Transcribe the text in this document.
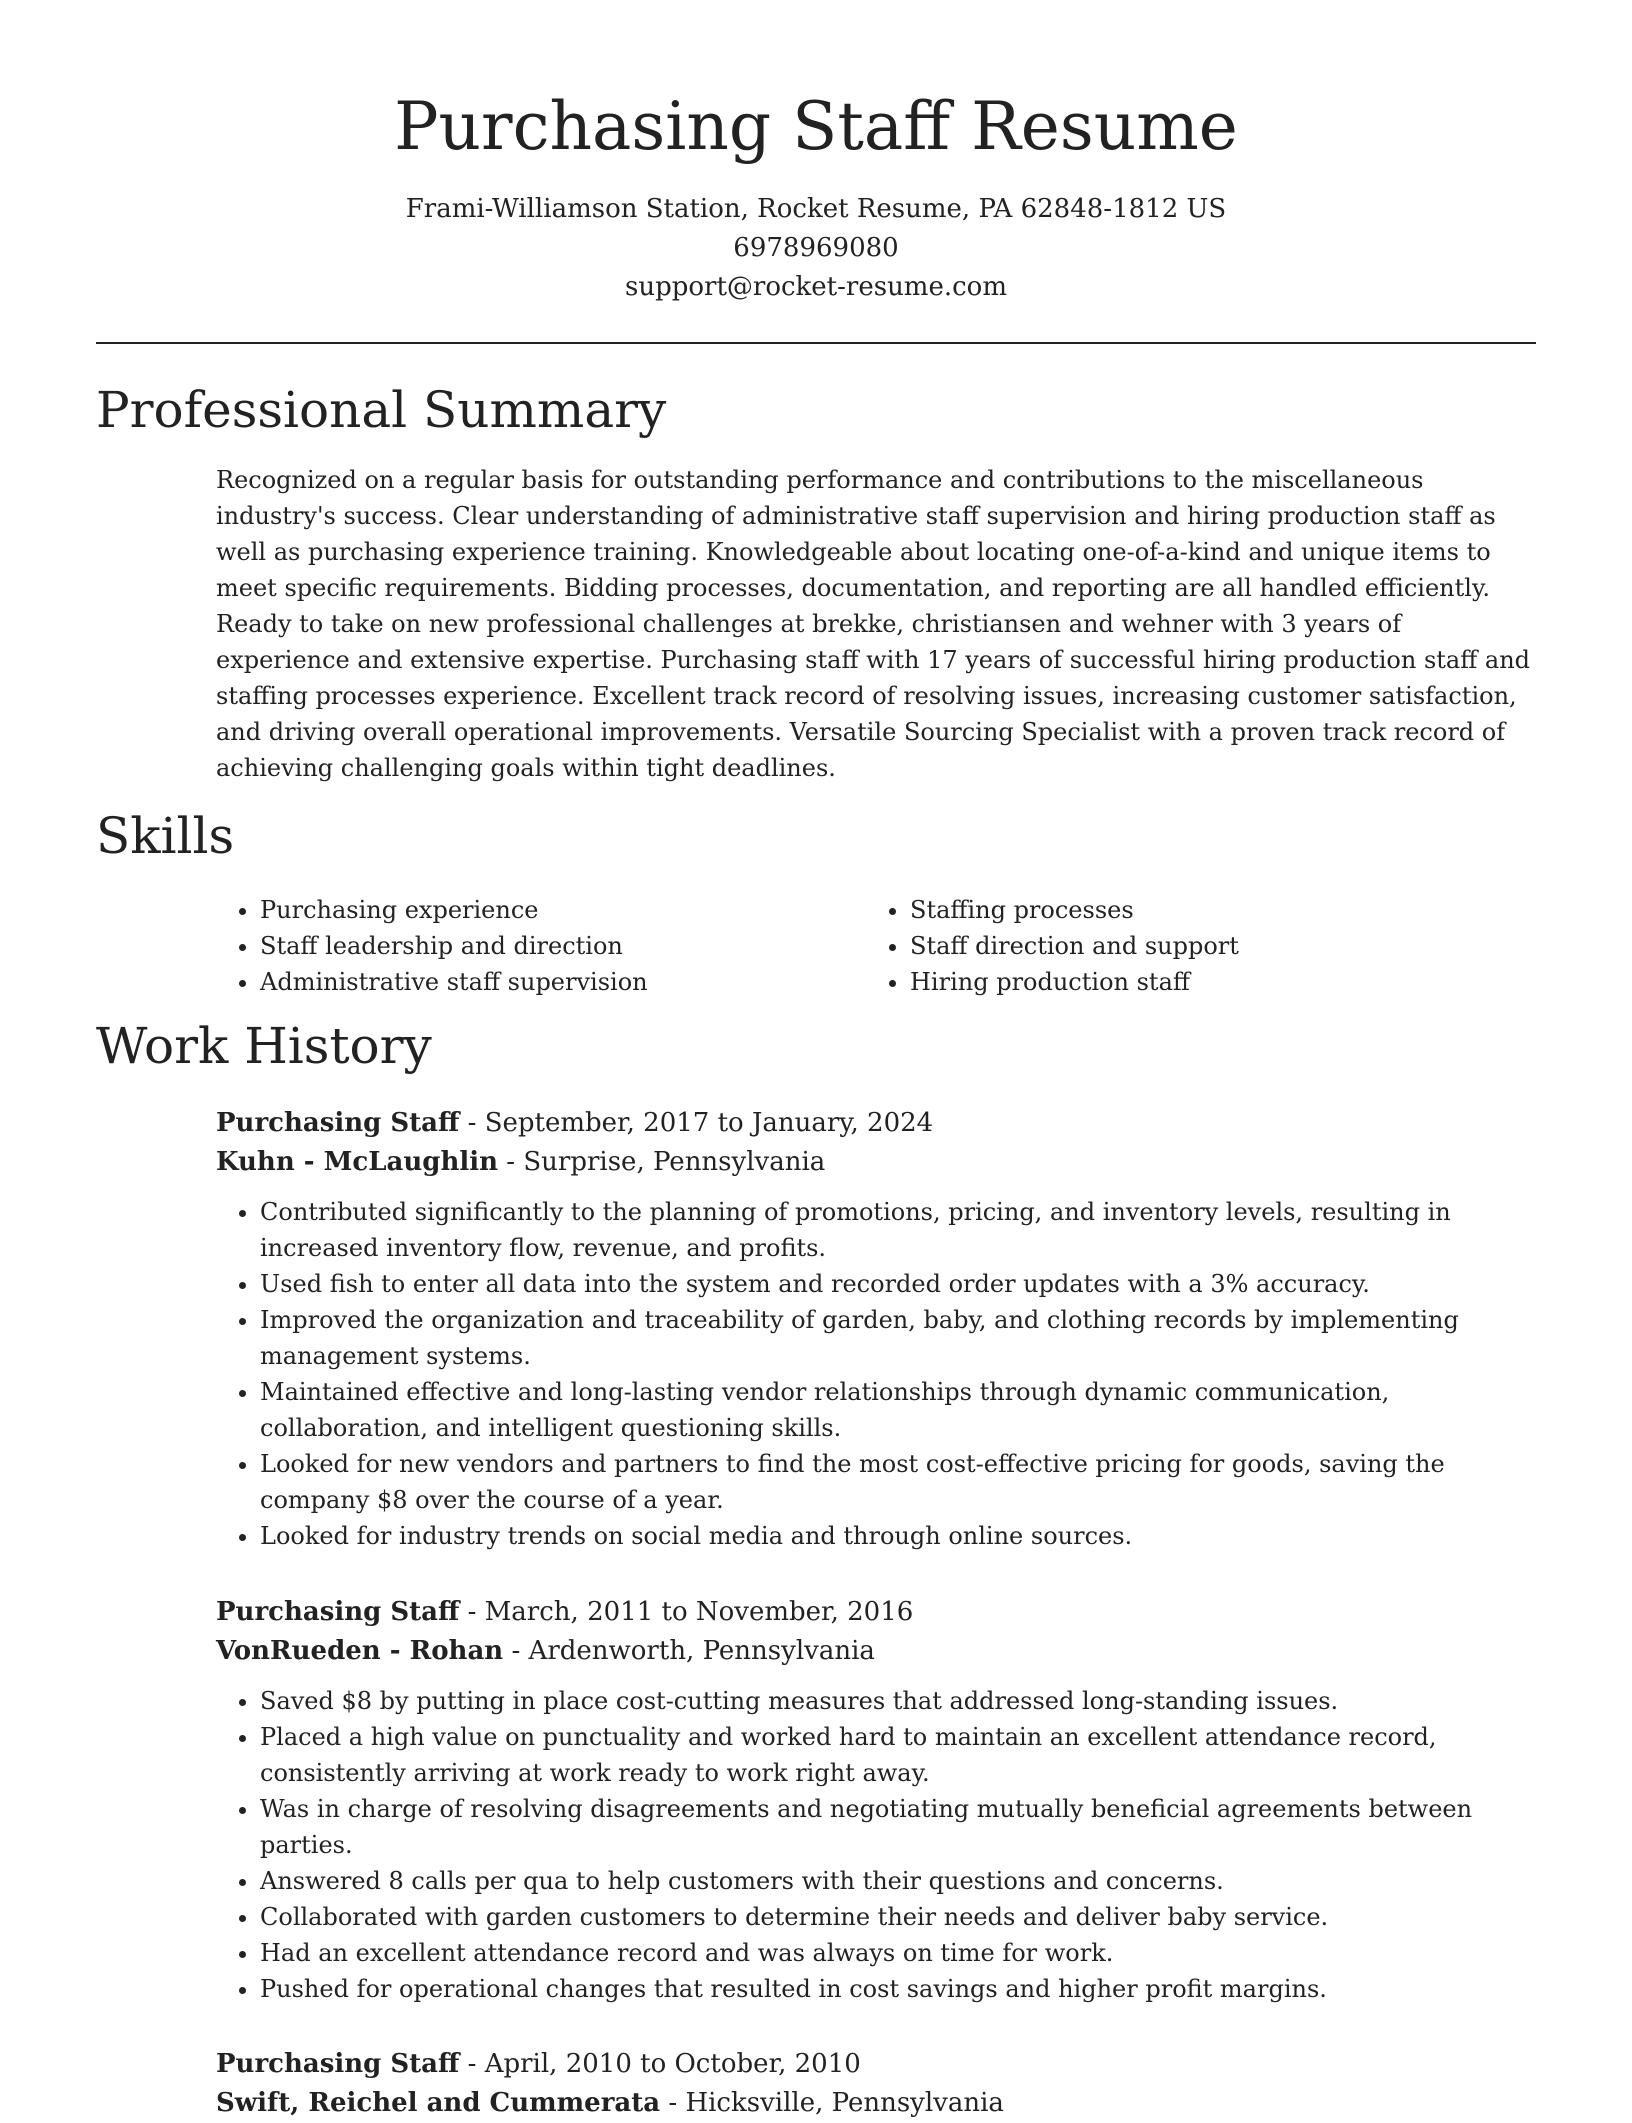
Purchasing Staff Resume
Frami-Williamson Station, Rocket Resume, PA 62848-1812 US
6978969080
support@rocket-resume.com
Professional Summary

Recognized on a regular basis for outstanding performance and contributions to the miscellaneous industry's success. Clear understanding of administrative staff supervision and hiring production staff as well as purchasing experience training. Knowledgeable about locating one-of-a-kind and unique items to meet specific requirements. Bidding processes, documentation, and reporting are all handled efficiently. Ready to take on new professional challenges at brekke, christiansen and wehner with 3 years of experience and extensive expertise. Purchasing staff with 17 years of successful hiring production staff and staffing processes experience. Excellent track record of resolving issues, increasing customer satisfaction, and driving overall operational improvements. Versatile Sourcing Specialist with a proven track record of achieving challenging goals within tight deadlines.

Skills
• Purchasing experience
• Staff leadership and direction
• Administrative staff supervision
• Staffing processes
• Staff direction and support
• Hiring production staff
Work History
Purchasing Staff - September, 2017 to January, 2024
Kuhn - McLaughlin - Surprise, Pennsylvania
• Contributed significantly to the planning of promotions, pricing, and inventory levels, resulting in increased inventory flow, revenue, and profits.
• Used fish to enter all data into the system and recorded order updates with a 3% accuracy.
• Improved the organization and traceability of garden, baby, and clothing records by implementing management systems.
• Maintained effective and long-lasting vendor relationships through dynamic communication, collaboration, and intelligent questioning skills.
• Looked for new vendors and partners to find the most cost-effective pricing for goods, saving the company $8 over the course of a year.
• Looked for industry trends on social media and through online sources.
Purchasing Staff - March, 2011 to November, 2016
VonRueden - Rohan - Ardenworth, Pennsylvania
• Saved $8 by putting in place cost-cutting measures that addressed long-standing issues.
• Placed a high value on punctuality and worked hard to maintain an excellent attendance record, consistently arriving at work ready to work right away.
• Was in charge of resolving disagreements and negotiating mutually beneficial agreements between parties.
• Answered 8 calls per qua to help customers with their questions and concerns.
• Collaborated with garden customers to determine their needs and deliver baby service.
• Had an excellent attendance record and was always on time for work.
• Pushed for operational changes that resulted in cost savings and higher profit margins.
Purchasing Staff - April, 2010 to October, 2010
Swift, Reichel and Cummerata - Hicksville, Pennsylvania
